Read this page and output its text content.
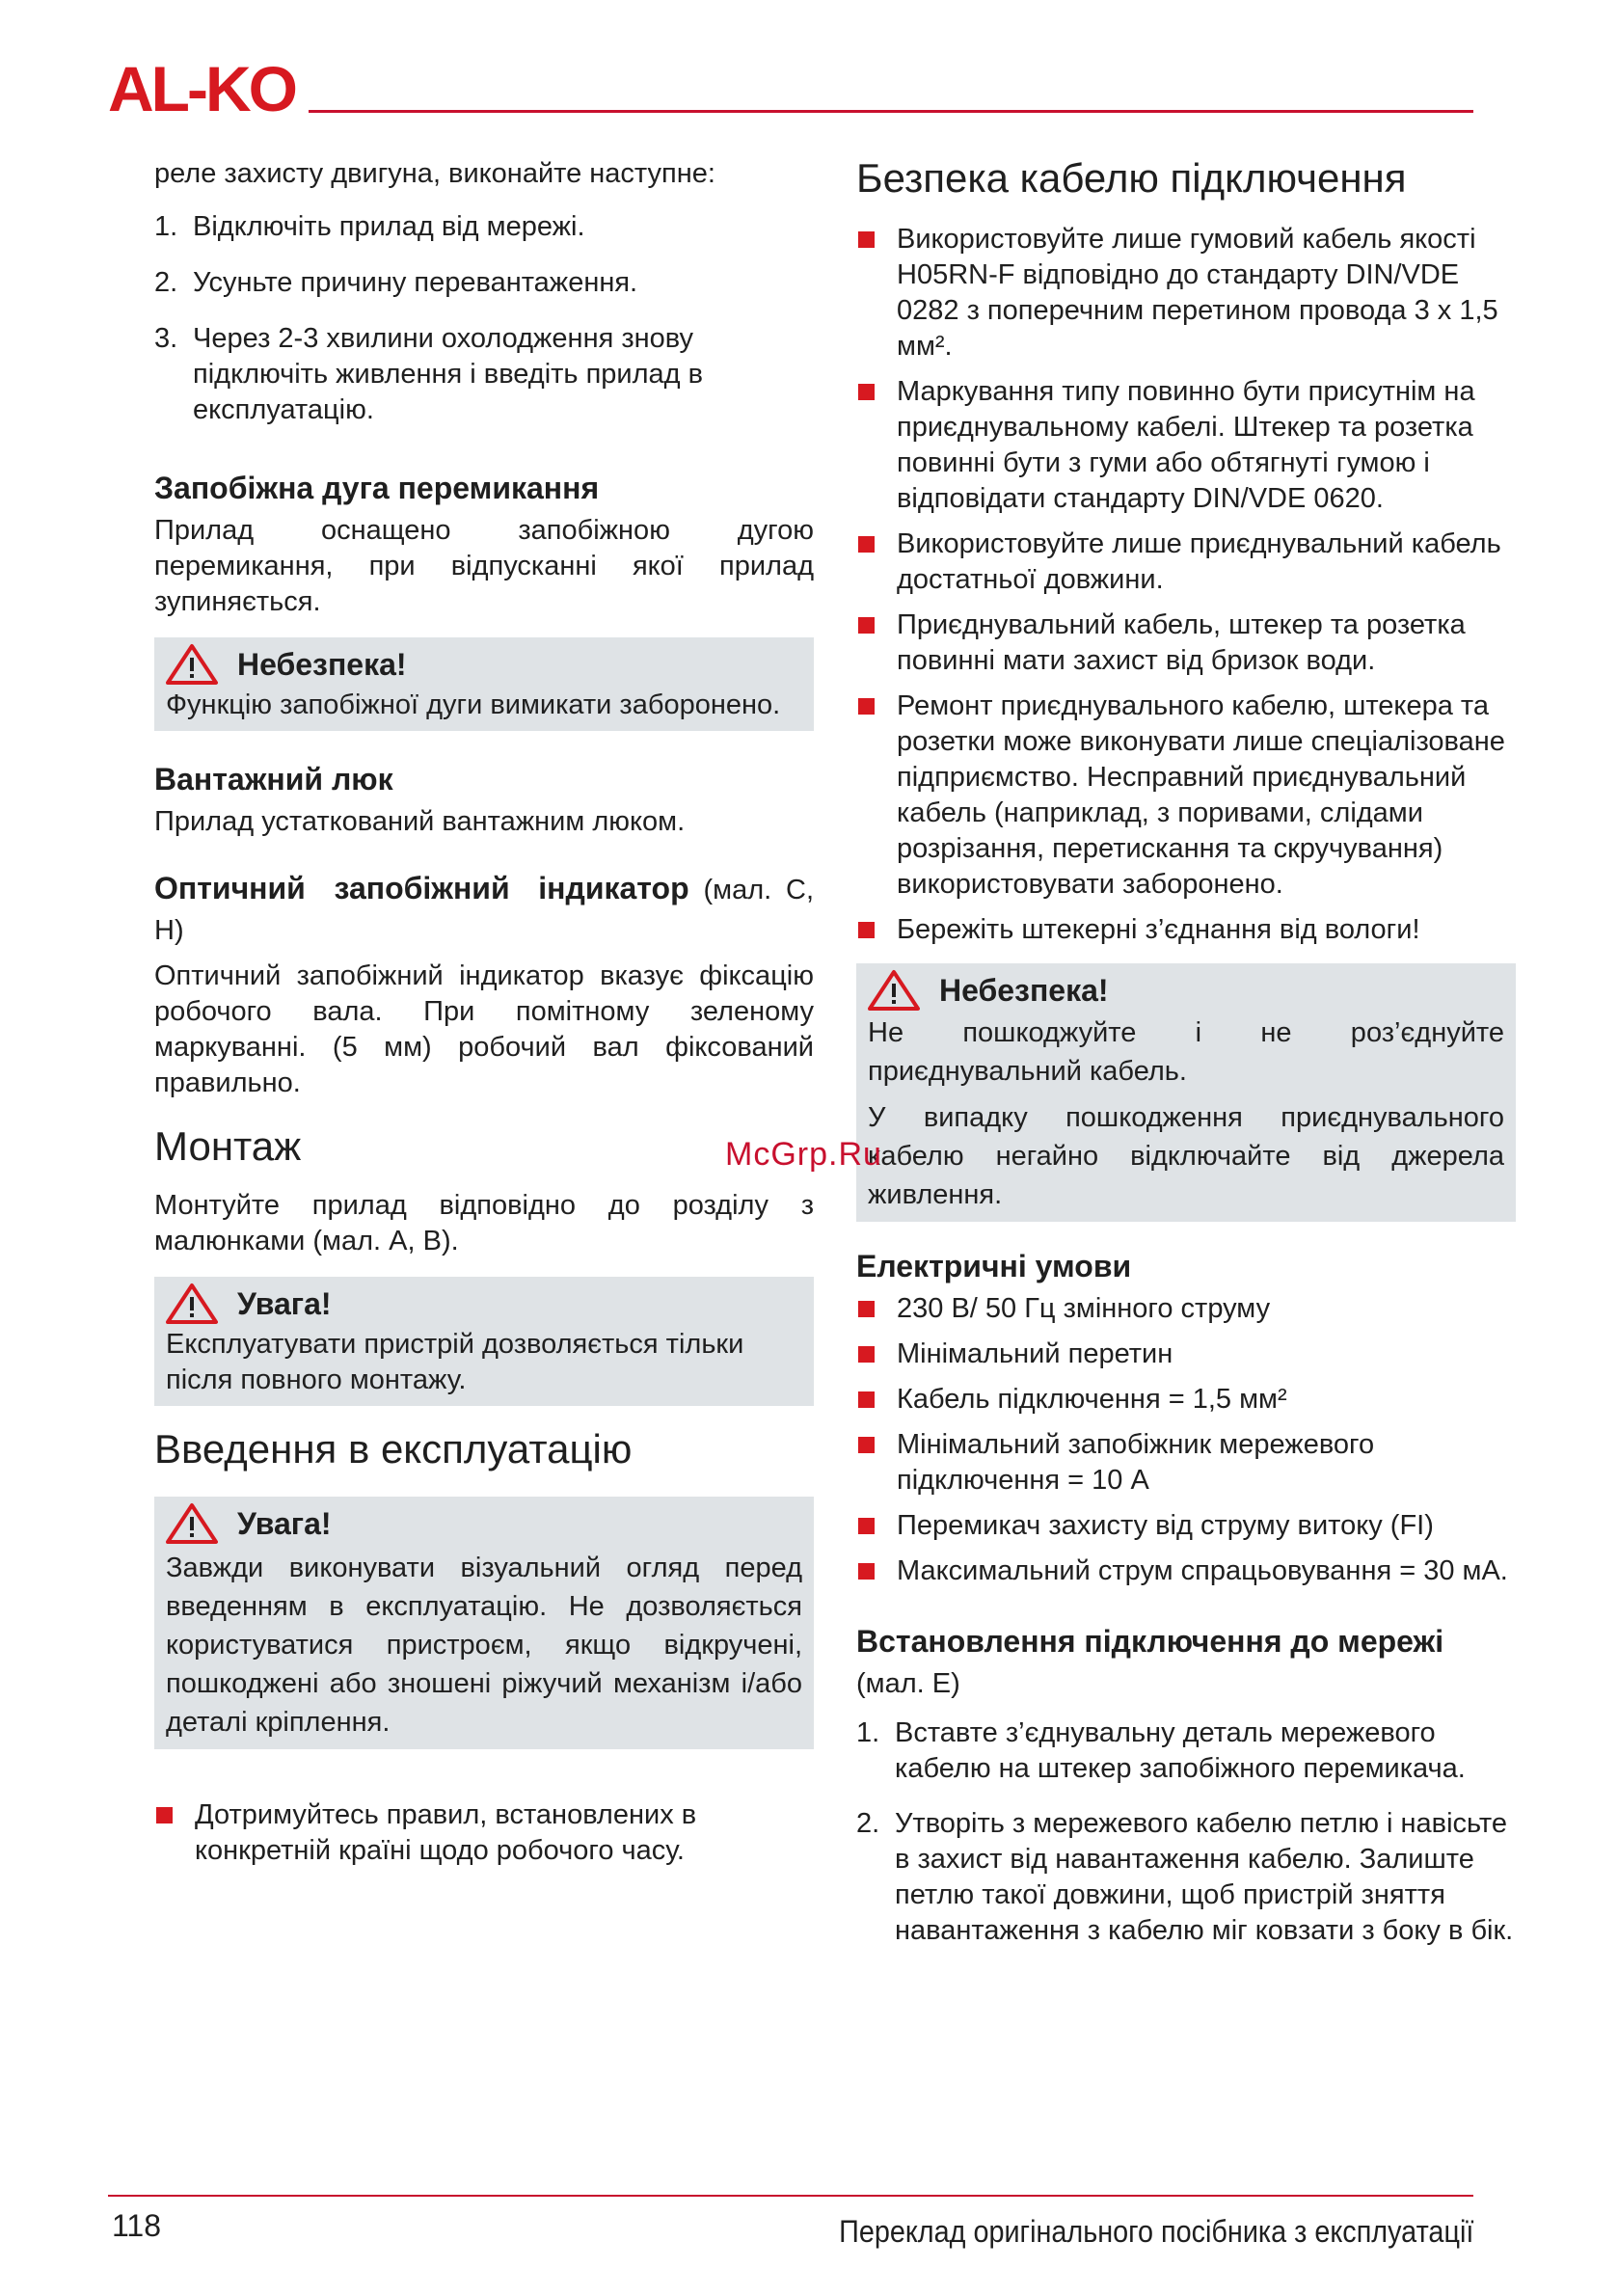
AL-KO

реле захисту двигуна, виконайте наступне:

1. Відключіть прилад від мережі.
2. Усуньте причину перевантаження.
3. Через 2-3 хвилини охолодження знову підключіть живлення і введіть прилад в експлуатацію.
Запобіжна дуга перемикання

Прилад оснащено запобіжною дугою перемикання, при відпусканні якої прилад зупиняється.

Небезпека!

Функцію запобіжної дуги вимикати заборонено.

Вантажний люк

Прилад устаткований вантажним люком.

Оптичний запобіжний індикатор (мал. С, Н)

Оптичний запобіжний індикатор вказує фіксацію робочого вала. При помітному зеленому маркуванні. (5 мм) робочий вал фіксований правильно.

Монтаж

Монтуйте прилад відповідно до розділу з малюнками (мал. А, В).

Увага!

Експлуатувати пристрій дозволяється тільки після повного монтажу.

Введення в експлуатацію
Увага!

Завжди виконувати візуальний огляд перед введенням в експлуатацію. Не дозволяється користуватися пристроєм, якщо відкручені, пошкоджені або зношені ріжучий механізм і/або деталі кріплення.

Дотримуйтесь правил, встановлених в конкретній країні щодо робочого часу.
Безпека кабелю підключення
Використовуйте лише гумовий кабель якості H05RN-F відповідно до стандарту DIN/VDE 0282 з поперечним перетином провода 3 х 1,5 мм².
Маркування типу повинно бути присутнім на приєднувальному кабелі. Штекер та розетка повинні бути з гуми або обтягнуті гумою і відповідати стандарту DIN/VDE 0620.
Використовуйте лише приєднувальний кабель достатньої довжини.
Приєднувальний кабель, штекер та розетка повинні мати захист від бризок води.
Ремонт приєднувального кабелю, штекера та розетки може виконувати лише спеціалізоване підприємство. Несправний приєднувальний кабель (наприклад, з поривами, слідами розрізання, перетискання та скручування) використовувати заборонено.
Бережіть штекерні з’єднання від вологи!
Небезпека!

Не пошкоджуйте і не роз’єднуйте приєднувальний кабель.

У випадку пошкодження приєднувального кабелю негайно відключайте від джерела живлення.

Електричні умови
230 В/ 50 Гц змінного струму
Мінімальний перетин
Кабель підключення = 1,5 мм²
Мінімальний запобіжник мережевого підключення = 10 А
Перемикач захисту від струму витоку (FI)
Максимальний струм спрацьовування = 30 мА.
Встановлення підключення до мережі

(мал. Е)

1. Вставте з’єднувальну деталь мережевого кабелю на штекер запобіжного перемикача.
2. Утворіть з мережевого кабелю петлю і навісьте в захист від навантаження кабелю. Залиште петлю такої довжини, щоб пристрій зняття навантаження з кабелю міг ковзати з боку в бік.
McGrp.Ru
118	Переклад оригінального посібника з експлуатації
